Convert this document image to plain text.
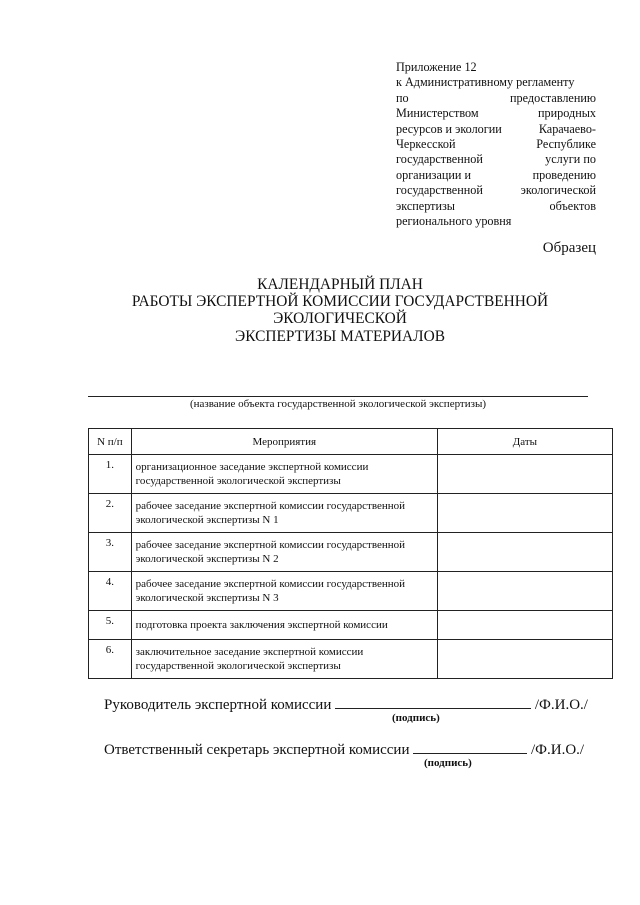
Приложение 12
к Административному регламенту
по	предоставлению
Министерством	природных
ресурсов и экологии	Карачаево-
Черкесской	Республике
государственной	услуги по
организации и	проведению
государственной	экологической
экспертизы	объектов
регионального уровня
Образец
КАЛЕНДАРНЫЙ ПЛАН
РАБОТЫ ЭКСПЕРТНОЙ КОМИССИИ ГОСУДАРСТВЕННОЙ
ЭКОЛОГИЧЕСКОЙ
ЭКСПЕРТИЗЫ МАТЕРИАЛОВ
(название объекта государственной экологической экспертизы)
N п/п	Мероприятия	Даты
1.	организационное заседание экспертной комиссии государственной экологической экспертизы	
2.	рабочее заседание экспертной комиссии государственной экологической экспертизы N 1	
3.	рабочее заседание экспертной комиссии государственной экологической экспертизы N 2	
4.	рабочее заседание экспертной комиссии государственной экологической экспертизы N 3	
5.	подготовка проекта заключения экспертной комиссии	
6.	заключительное заседание экспертной комиссии государственной экологической экспертизы	
Руководитель экспертной комиссии	/Ф.И.О./
(подпись)
Ответственный секретарь экспертной комиссии	/Ф.И.О./
(подпись)
